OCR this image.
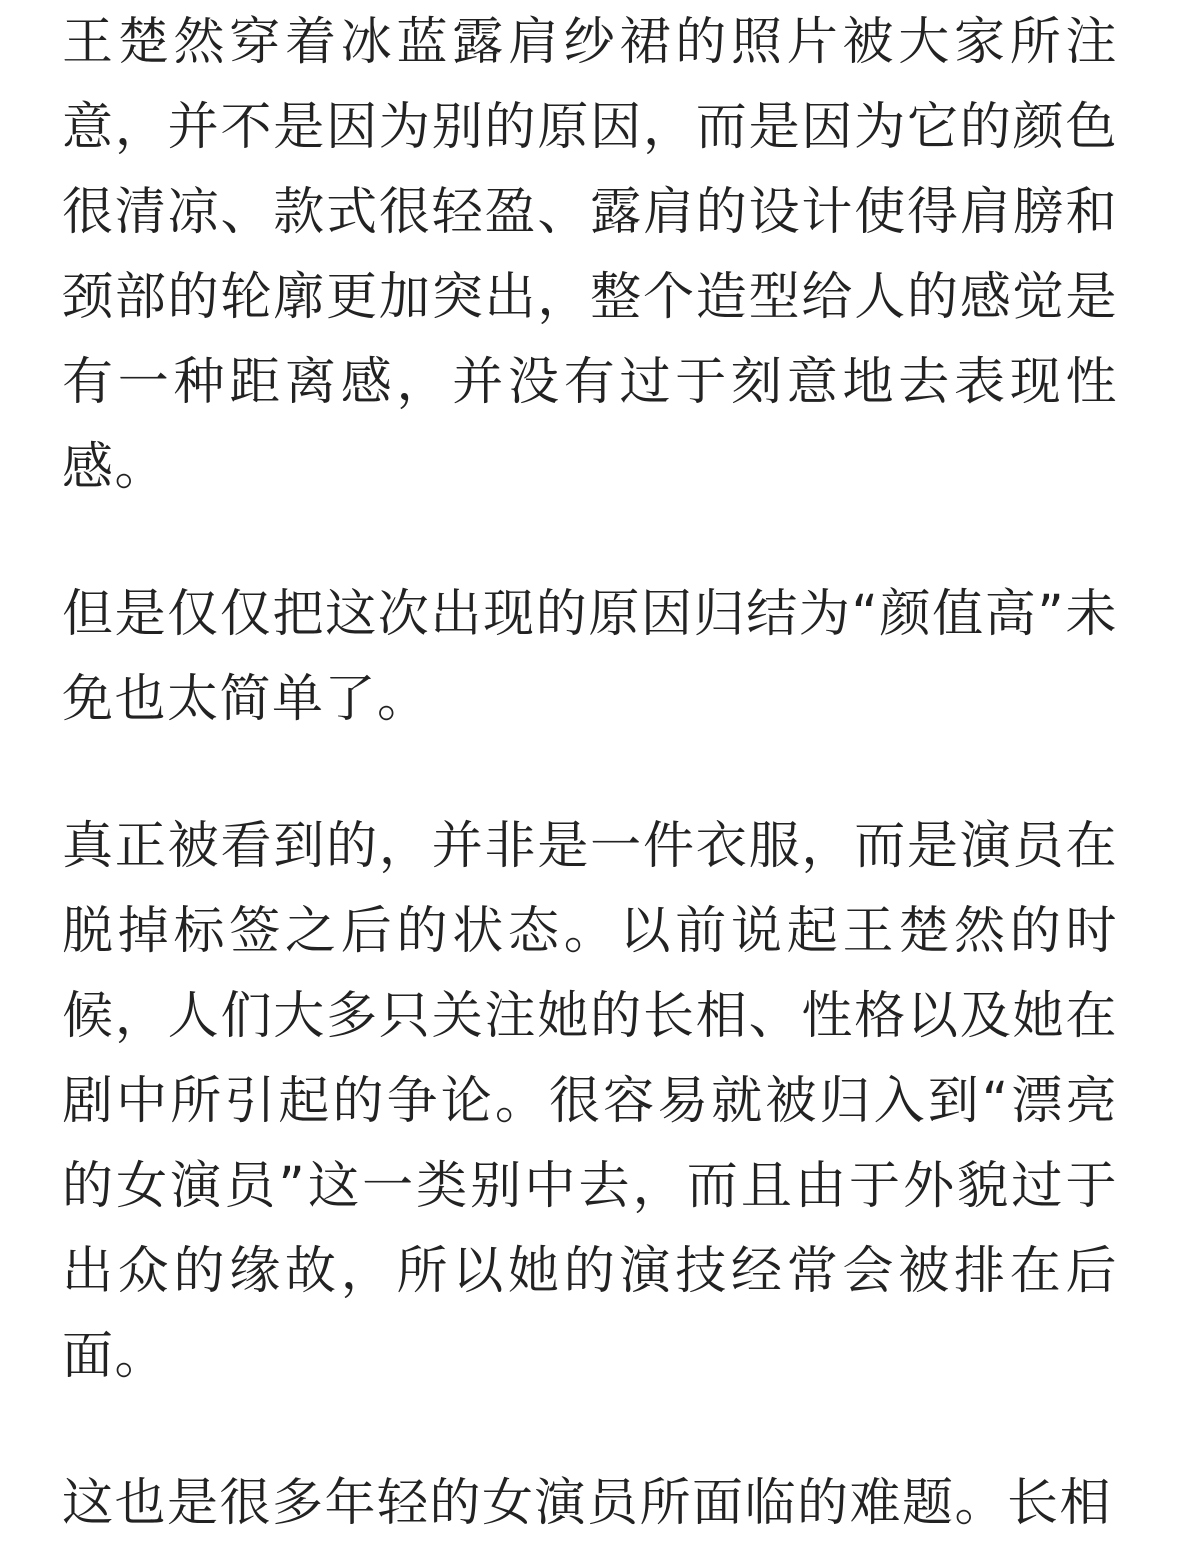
王楚然穿着冰蓝露肩纱裙的照片被大家所注意，并不是因为别的原因，而是因为它的颜色很清凉、款式很轻盈、露肩的设计使得肩膀和颈部的轮廓更加突出，整个造型给人的感觉是有一种距离感，并没有过于刻意地去表现性感。

但是仅仅把这次出现的原因归结为“颜值高”未免也太简单了。

真正被看到的，并非是一件衣服，而是演员在脱掉标签之后的状态。以前说起王楚然的时候，人们大多只关注她的长相、性格以及她在剧中所引起的争论。很容易就被归入到“漂亮的女演员”这一类别中去，而且由于外貌过于出众的缘故，所以她的演技经常会被排在后面。

这也是很多年轻的女演员所面临的难题。长相
